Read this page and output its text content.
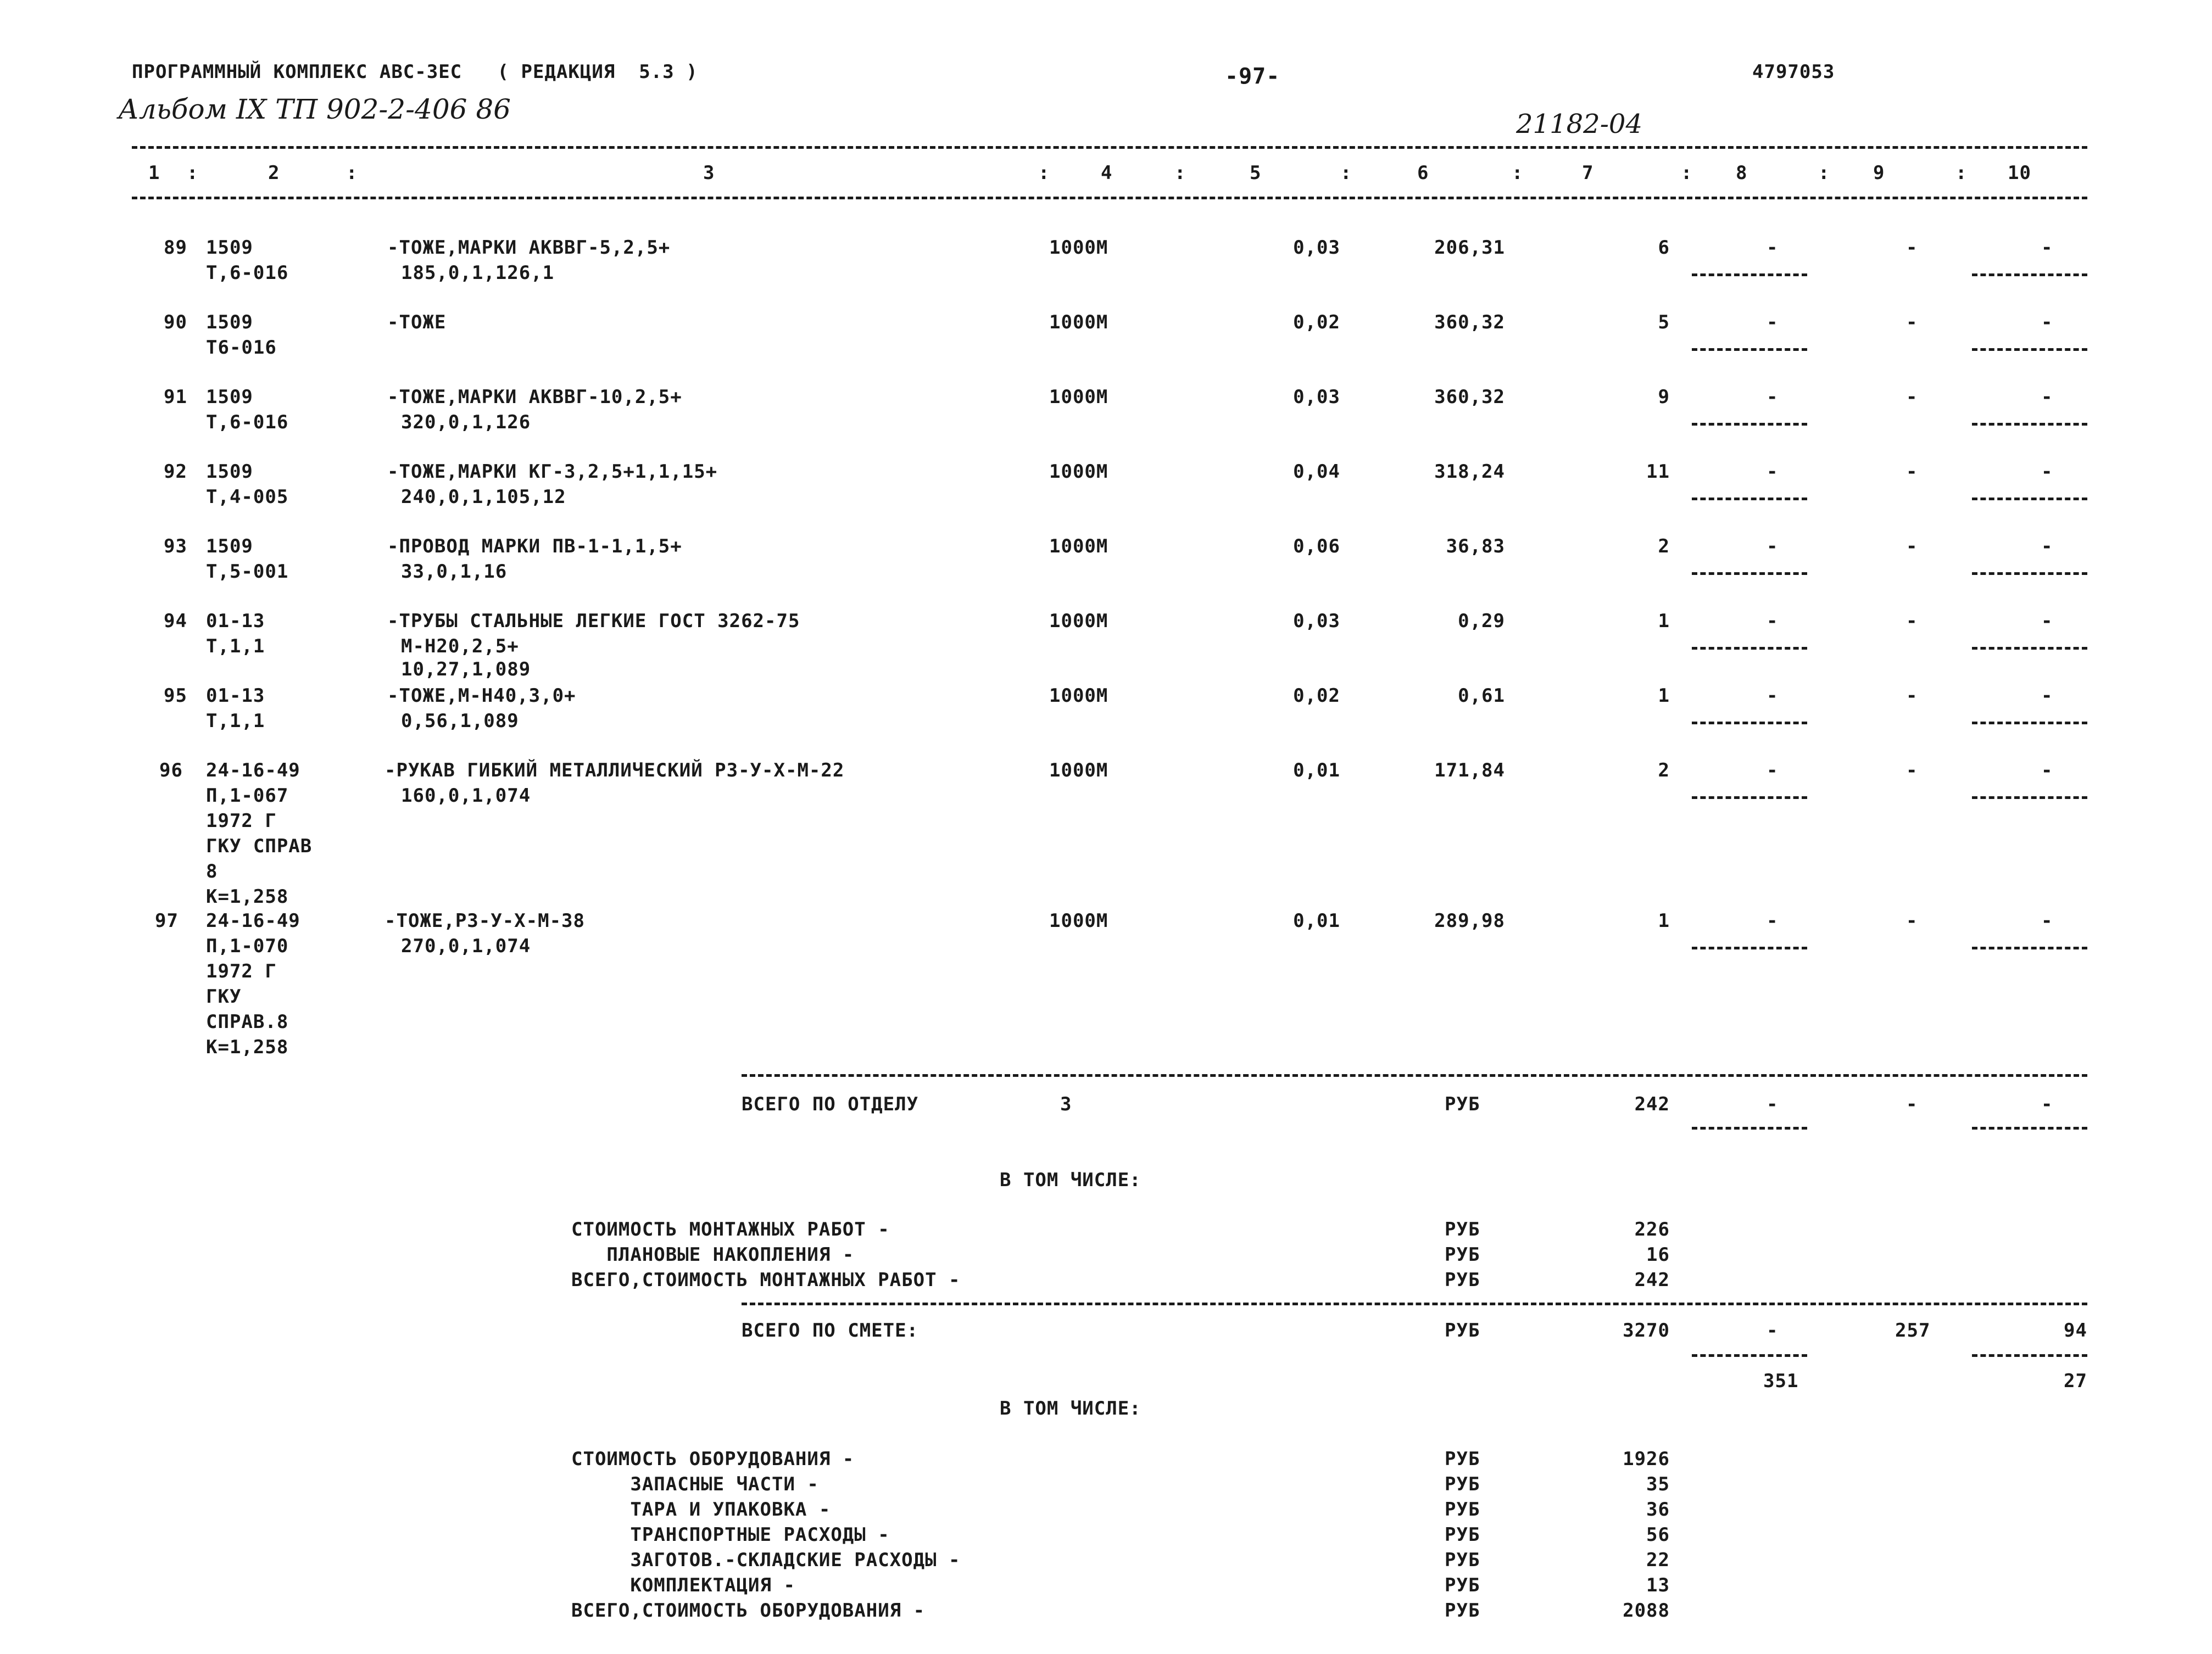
ПРОГРАММНЫЙ КОМПЛЕКС АВС-3ЕС   ( РЕДАКЦИЯ  5.3 )	-97-	4797053
Альбом IX ТП 902-2-406 86	21182-04
1 :	2	:	3	:	4	:	5	:	6	:	7	: 8	: 9	: 10
89 1509
Т,6-016
-ТОЖЕ,МАРКИ АКВВГ-5,2,5+
185,0,1,126,1
1000М	0,03	206,31	6	-	-	-
90 1509
Т6-016
-ТОЖЕ	1000М	0,02	360,32	5	-	-	-
91 1509
Т,6-016
-ТОЖЕ,МАРКИ АКВВГ-10,2,5+
320,0,1,126
1000М	0,03	360,32	9	-	-	-
92 1509
Т,4-005
-ТОЖЕ,МАРКИ КГ-3,2,5+1,1,15+
240,0,1,105,12
1000М	0,04	318,24	11	-	-	-
93 1509
Т,5-001
-ПРОВОД МАРКИ ПВ-1-1,1,5+
33,0,1,16
1000М	0,06	36,83	2	-	-	-
94 01-13
Т,1,1
-ТРУБЫ СТАЛЬНЫЕ ЛЕГКИЕ ГОСТ 3262-75
М-Н20,2,5+
10,27,1,089
1000М	0,03	0,29	1	-	-	-
95 01-13
Т,1,1
-ТОЖЕ,М-Н40,3,0+
0,56,1,089
1000М	0,02	0,61	1	-	-	-
96 24-16-49
П,1-067
1972 Г
ГКУ СПРАВ
8
К=1,258
-РУКАВ ГИБКИЙ МЕТАЛЛИЧЕСКИЙ РЗ-У-Х-М-22
160,0,1,074
1000М	0,01	171,84	2	-	-	-
97 24-16-49
П,1-070
1972 Г
ГКУ
СПРАВ.8
К=1,258
-ТОЖЕ,РЗ-У-Х-М-38
270,0,1,074
1000М	0,01	289,98	1	-	-	-
ВСЕГО ПО ОТДЕЛУ	3	РУБ	242	-	-	-
В ТОМ ЧИСЛЕ:
СТОИМОСТЬ МОНТАЖНЫХ РАБОТ -	РУБ	226
ПЛАНОВЫЕ НАКОПЛЕНИЯ -	РУБ	16
ВСЕГО,СТОИМОСТЬ МОНТАЖНЫХ РАБОТ -	РУБ	242
ВСЕГО ПО СМЕТЕ:	РУБ	3270	-	257	94
351	27
В ТОМ ЧИСЛЕ:
СТОИМОСТЬ ОБОРУДОВАНИЯ -	РУБ	1926
ЗАПАСНЫЕ ЧАСТИ -	РУБ	35
ТАРА И УПАКОВКА -	РУБ	36
ТРАНСПОРТНЫЕ РАСХОДЫ -	РУБ	56
ЗАГОТОВ.-СКЛАДСКИЕ РАСХОДЫ -	РУБ	22
КОМПЛЕКТАЦИЯ -	РУБ	13
ВСЕГО,СТОИМОСТЬ ОБОРУДОВАНИЯ -	РУБ	2088
